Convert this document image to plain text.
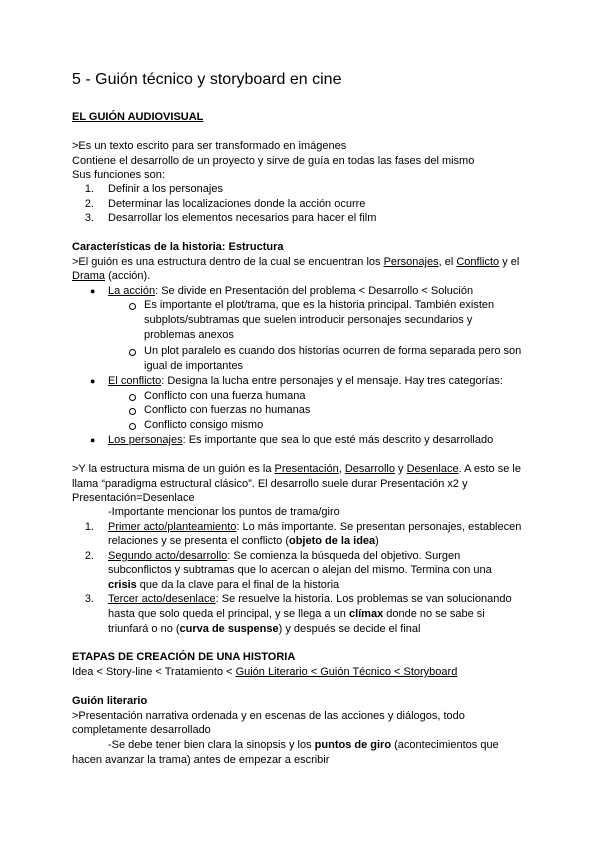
5 - Guión técnico y storyboard en cine
EL GUIÓN AUDIOVISUAL
>Es un texto escrito para ser transformado en imágenes
Contiene el desarrollo de un proyecto y sirve de guía en todas las fases del mismo
Sus funciones son:
1. Definir a los personajes
2. Determinar las localizaciones donde la acción ocurre
3. Desarrollar los elementos necesarios para hacer el film
Características de la historia: Estructura
>El guión es una estructura dentro de la cual se encuentran los Personajes, el Conflicto y el
Drama (acción).
● La acción: Se divide en Presentación del problema < Desarrollo < Solución
Es importante el plot/trama, que es la historia principal. También existen
subplots/subtramas que suelen introducir personajes secundarios y
problemas anexos
Un plot paralelo es cuando dos historias ocurren de forma separada pero son
igual de importantes
● El conflicto: Designa la lucha entre personajes y el mensaje. Hay tres categorías:
Conflicto con una fuerza humana
Conflicto con fuerzas no humanas
Conflicto consigo mismo
● Los personajes: Es importante que sea lo que esté más descrito y desarrollado
>Y la estructura misma de un guión es la Presentación, Desarrollo y Desenlace. A esto se le
llama “paradigma estructural clásico”. El desarrollo suele durar Presentación x2 y
Presentación=Desenlace
-Importante mencionar los puntos de trama/giro
1. Primer acto/planteamiento: Lo más importante. Se presentan personajes, establecen
relaciones y se presenta el conflicto (objeto de la idea)
2. Segundo acto/desarrollo: Se comienza la búsqueda del objetivo. Surgen
subconflictos y subtramas que lo acercan o alejan del mismo. Termina con una
crisis que da la clave para el final de la historia
3. Tercer acto/desenlace: Se resuelve la historia. Los problemas se van solucionando
hasta que solo queda el principal, y se llega a un clímax donde no se sabe si
triunfará o no (curva de suspense) y después se decide el final
ETAPAS DE CREACIÓN DE UNA HISTORIA
Idea < Story-line < Tratamiento < Guión Literario < Guión Técnico < Storyboard
Guión literario
>Presentación narrativa ordenada y en escenas de las acciones y diálogos, todo
completamente desarrollado
-Se debe tener bien clara la sinopsis y los puntos de giro (acontecimientos que
hacen avanzar la trama) antes de empezar a escribir
